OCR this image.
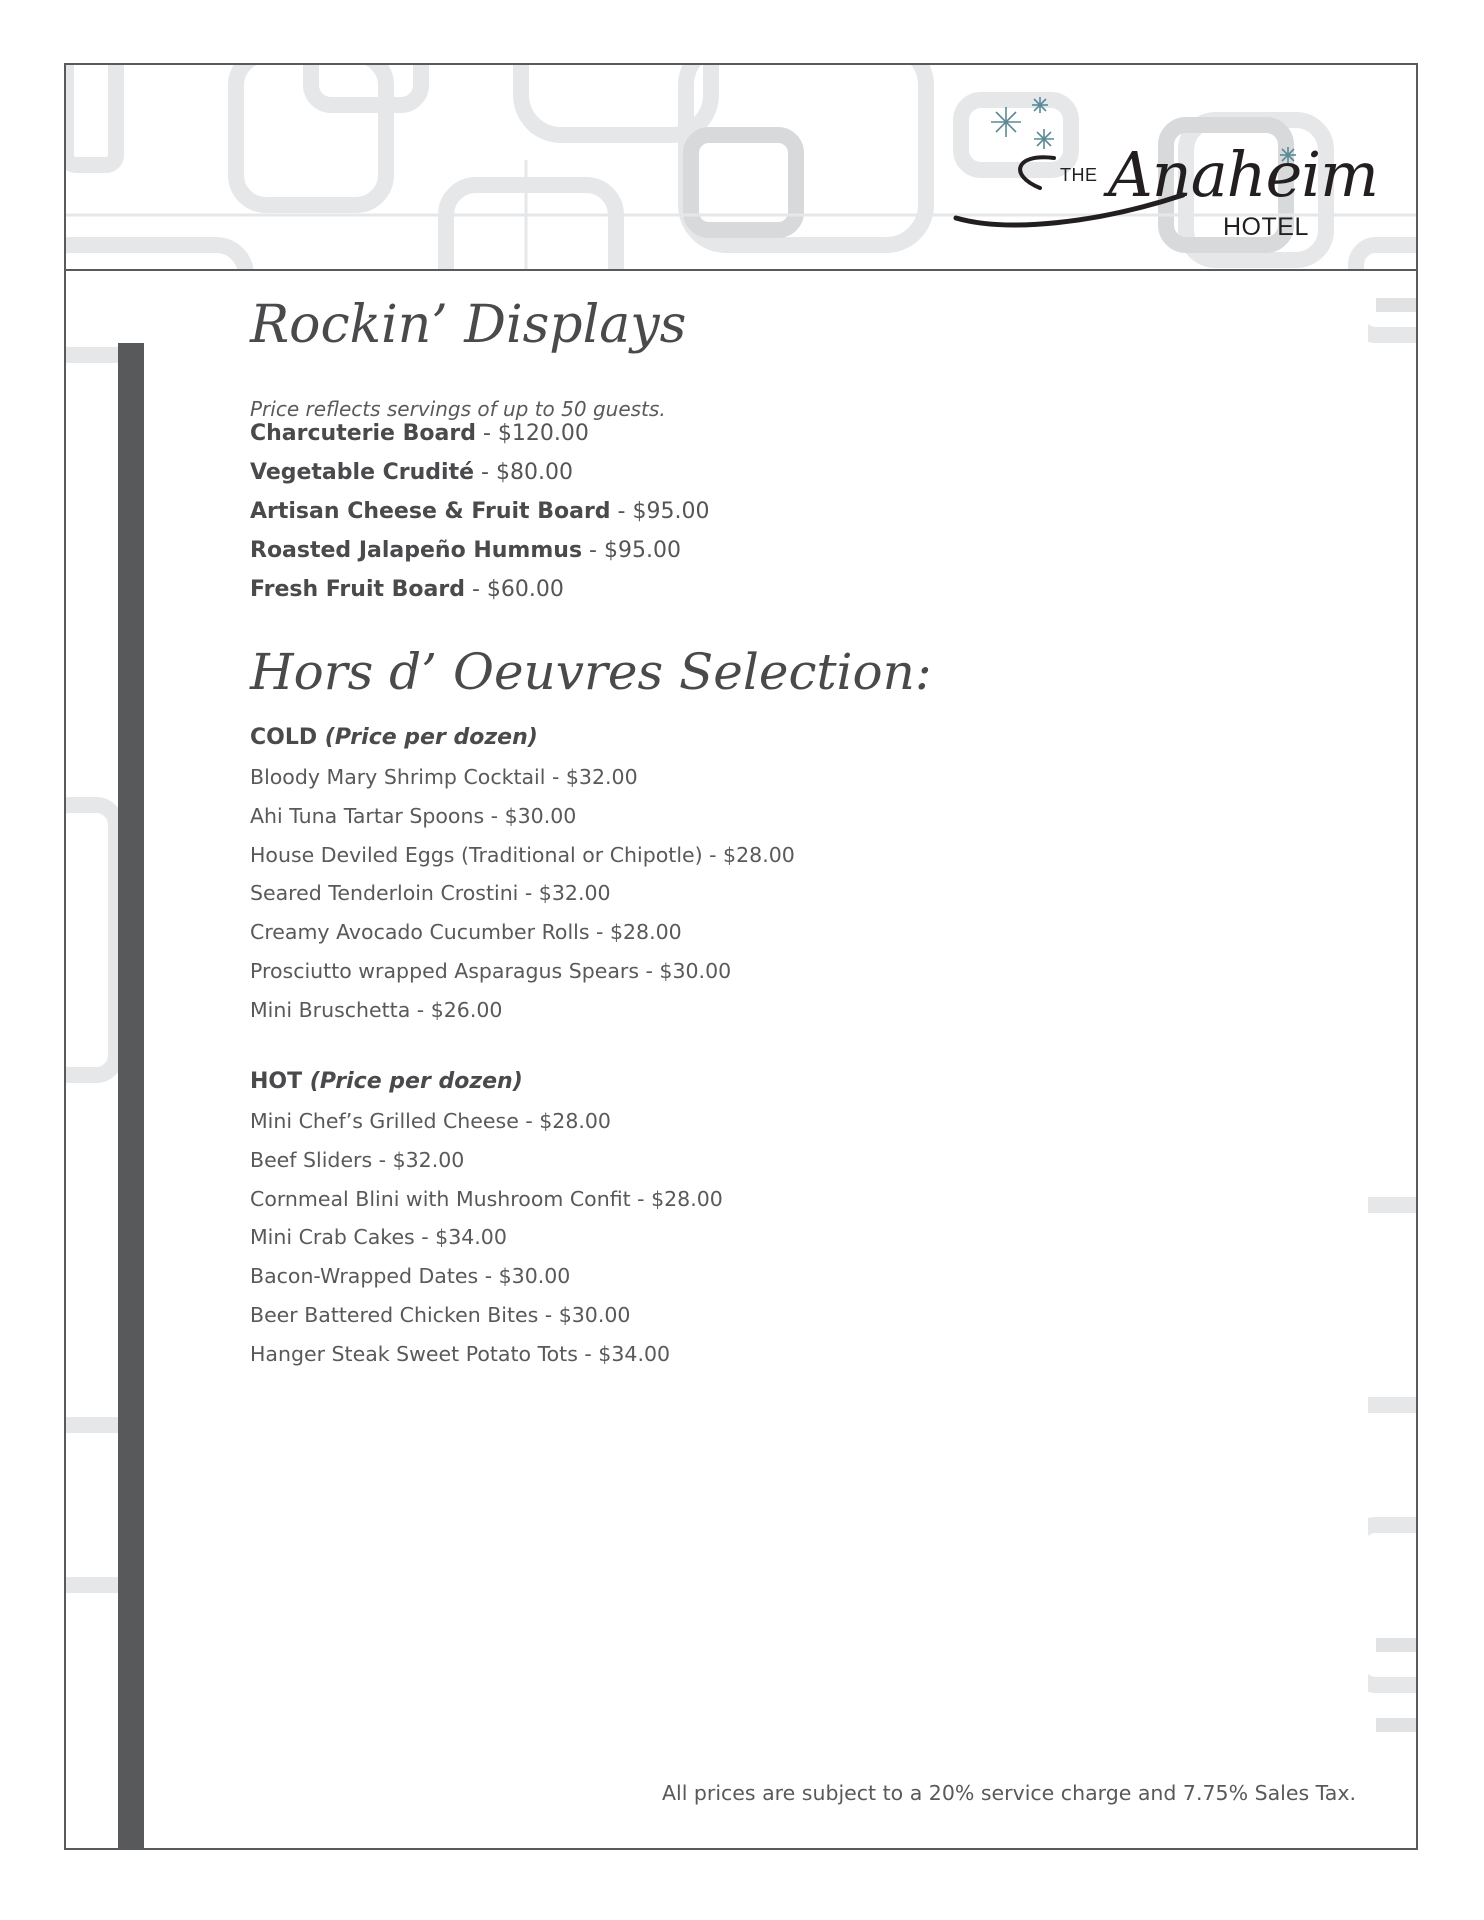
THE Anaheim
HOTEL
Rockin’ Displays
Price reflects servings of up to 50 guests.
Charcuterie Board - $120.00
Vegetable Crudité - $80.00
Artisan Cheese & Fruit Board - $95.00
Roasted Jalapeño Hummus - $95.00
Fresh Fruit Board - $60.00
Hors d’ Oeuvres Selection:
COLD (Price per dozen)
Bloody Mary Shrimp Cocktail - $32.00
Ahi Tuna Tartar Spoons - $30.00
House Deviled Eggs (Traditional or Chipotle) - $28.00
Seared Tenderloin Crostini - $32.00
Creamy Avocado Cucumber Rolls - $28.00
Prosciutto wrapped Asparagus Spears - $30.00
Mini Bruschetta - $26.00
HOT (Price per dozen)
Mini Chef’s Grilled Cheese - $28.00
Beef Sliders - $32.00
Cornmeal Blini with Mushroom Confit - $28.00
Mini Crab Cakes - $34.00
Bacon-Wrapped Dates - $30.00
Beer Battered Chicken Bites - $30.00
Hanger Steak Sweet Potato Tots - $34.00
All prices are subject to a 20% service charge and 7.75% Sales Tax.
